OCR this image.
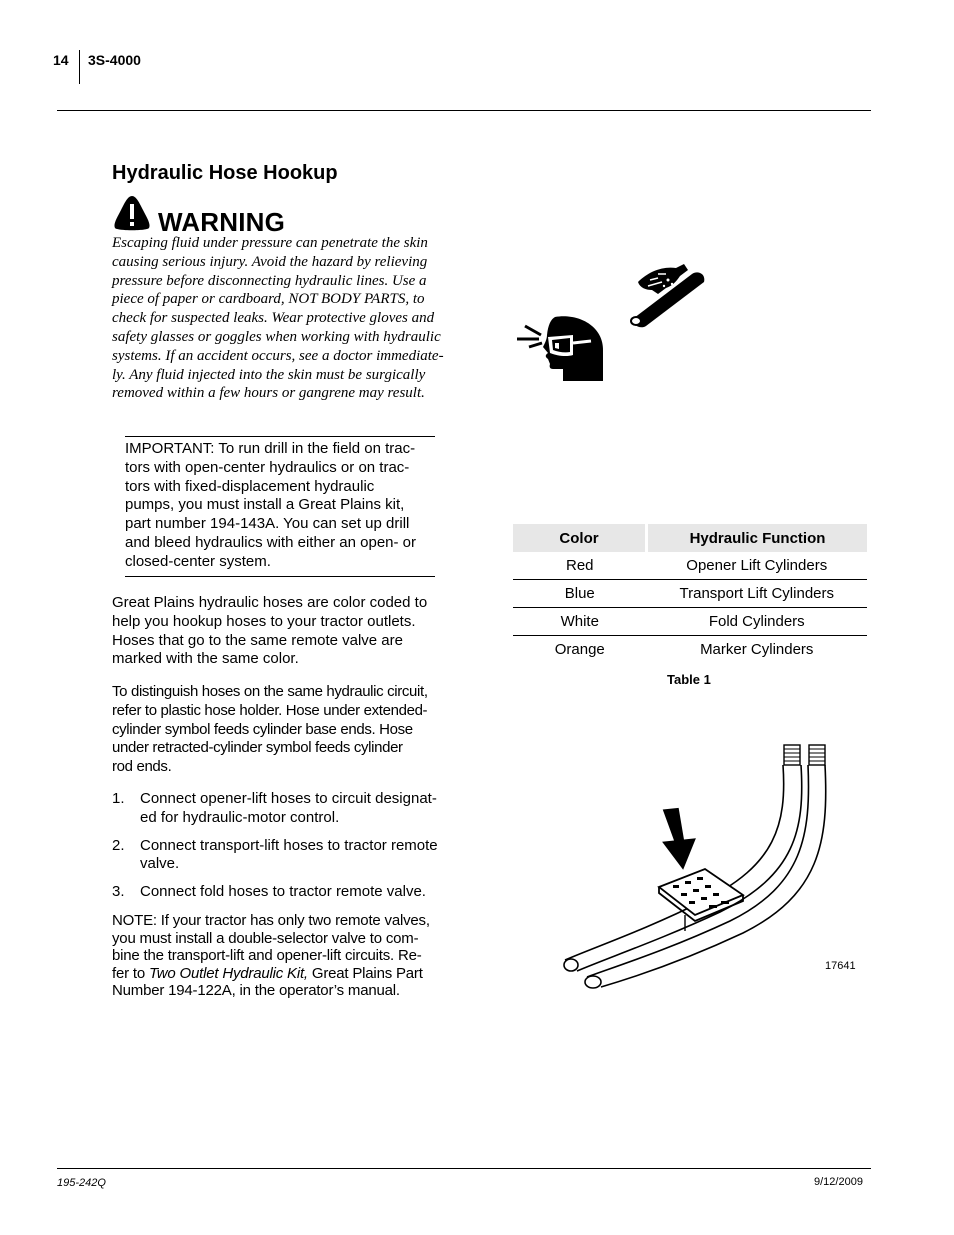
14 3S-4000
Hydraulic Hose Hookup
WARNING
Escaping fluid under pressure can penetrate the skin
causing serious injury. Avoid the hazard by relieving
pressure before disconnecting hydraulic lines. Use a
piece of paper or cardboard, NOT BODY PARTS, to
check for suspected leaks. Wear protective gloves and
safety glasses or goggles when working with hydraulic
systems. If an accident occurs, see a doctor immediate-
ly. Any fluid injected into the skin must be surgically
removed within a few hours or gangrene may result.
IMPORTANT: To run drill in the field on trac-
tors with open-center hydraulics or on trac-
tors with fixed-displacement hydraulic
pumps, you must install a Great Plains kit,
part number 194-143A. You can set up drill
and bleed hydraulics with either an open- or
closed-center system.
Great Plains hydraulic hoses are color coded to
help you hookup hoses to your tractor outlets.
Hoses that go to the same remote valve are
marked with the same color.
To distinguish hoses on the same hydraulic circuit,
refer to plastic hose holder. Hose under extended-
cylinder symbol feeds cylinder base ends. Hose
under retracted-cylinder symbol feeds cylinder
rod ends.
1. Connect opener-lift hoses to circuit designat-
ed for hydraulic-motor control.
2. Connect transport-lift hoses to tractor remote
valve.
3. Connect fold hoses to tractor remote valve.
NOTE: If your tractor has only two remote valves,
you must install a double-selector valve to com-
bine the transport-lift and opener-lift circuits. Re-
fer to Two Outlet Hydraulic Kit, Great Plains Part
Number 194-122A, in the operator’s manual.
Color	Hydraulic Function
Red	Opener Lift Cylinders
Blue	Transport Lift Cylinders
White	Fold Cylinders
Orange	Marker Cylinders
Table 1
17641
195-242Q	9/12/2009
